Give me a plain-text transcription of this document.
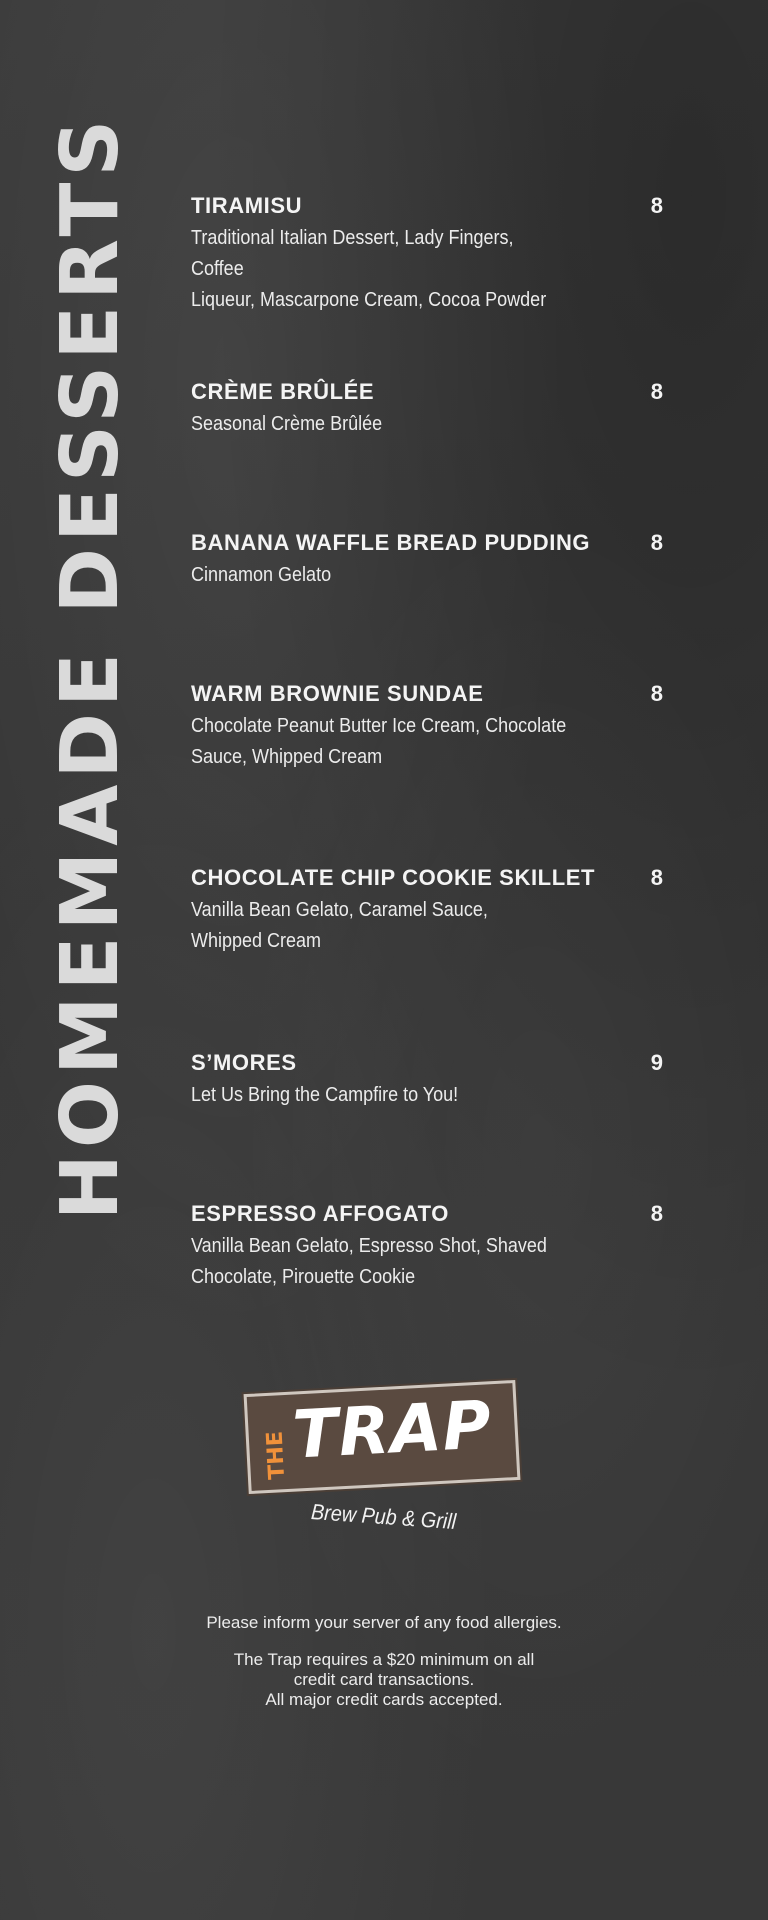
HOMEMADE DESSERTS	TIRAMISU	8
Traditional Italian Dessert, Lady Fingers, Coffee
Liqueur, Mascarpone Cream, Cocoa Powder
CRÈME BRÛLÉE	8
Seasonal Crème Brûlée
BANANA WAFFLE BREAD PUDDING	8
Cinnamon Gelato
WARM BROWNIE SUNDAE	8
Chocolate Peanut Butter Ice Cream, Chocolate
Sauce, Whipped Cream
CHOCOLATE CHIP COOKIE SKILLET	8
Vanilla Bean Gelato, Caramel Sauce,
Whipped Cream
S’MORES	9
Let Us Bring the Campfire to You!
ESPRESSO AFFOGATO	8
Vanilla Bean Gelato, Espresso Shot, Shaved
Chocolate, Pirouette Cookie
THE TRAP
Brew Pub & Grill
Please inform your server of any food allergies.
The Trap requires a $20 minimum on all
credit card transactions.
All major credit cards accepted.
